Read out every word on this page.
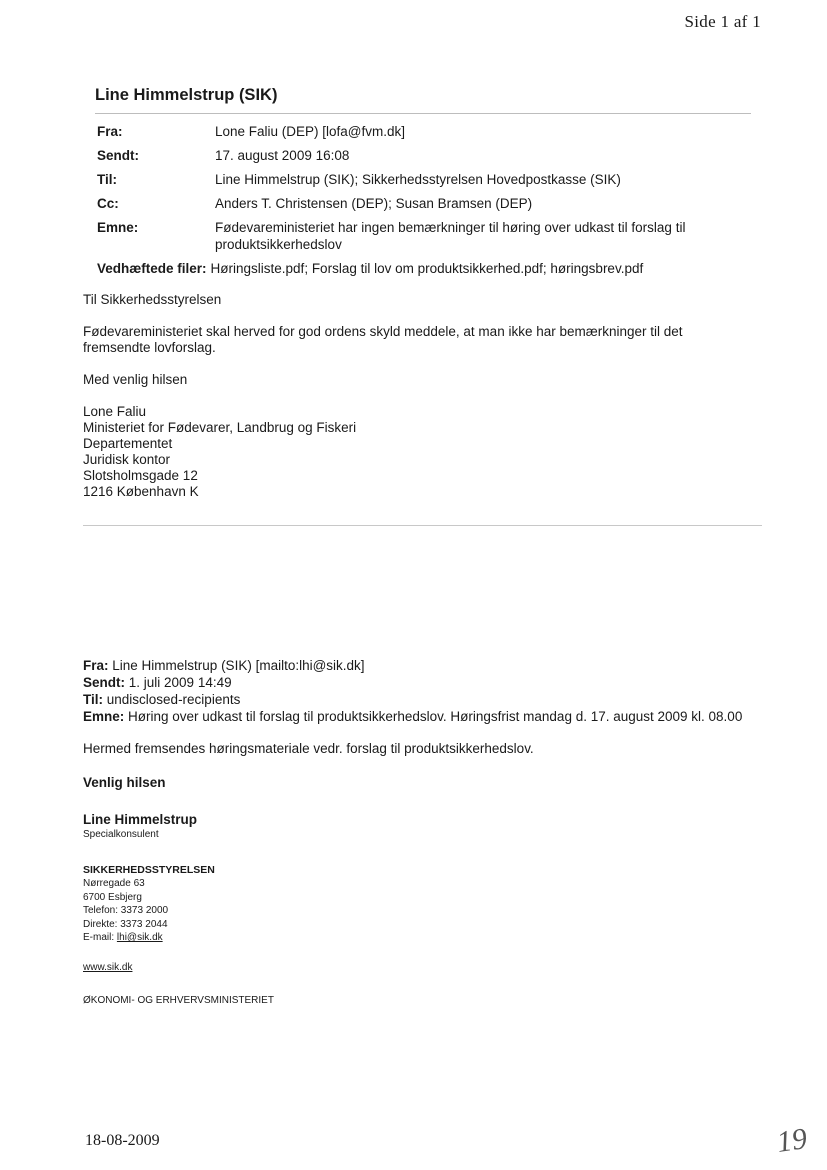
Side 1 af 1
Line Himmelstrup (SIK)
Fra:	Lone Faliu (DEP) [lofa@fvm.dk]
Sendt:	17. august 2009 16:08
Til:	Line Himmelstrup (SIK); Sikkerhedsstyrelsen Hovedpostkasse (SIK)
Cc:	Anders T. Christensen (DEP); Susan Bramsen (DEP)
Emne:	Fødevareministeriet har ingen bemærkninger til høring over udkast til forslag til produktsikkerhedslov
Vedhæftede filer: Høringsliste.pdf; Forslag til lov om produktsikkerhed.pdf; høringsbrev.pdf

Til Sikkerhedsstyrelsen

Fødevareministeriet skal herved for god ordens skyld meddele, at man ikke har bemærkninger til det fremsendte lovforslag.

Med venlig hilsen

Lone Faliu
Ministeriet for Fødevarer, Landbrug og Fiskeri
Departementet
Juridisk kontor
Slotsholmsgade 12
1216 København K
Fra: Line Himmelstrup (SIK) [mailto:lhi@sik.dk]
Sendt: 1. juli 2009 14:49
Til: undisclosed-recipients
Emne: Høring over udkast til forslag til produktsikkerhedslov. Høringsfrist mandag d. 17. august 2009 kl. 08.00

Hermed fremsendes høringsmateriale vedr. forslag til produktsikkerhedslov.

Venlig hilsen

Line Himmelstrup

Specialkonsulent

SIKKERHEDSSTYRELSEN

Nørregade 63

6700 Esbjerg

Telefon: 3373 2000

Direkte: 3373 2044

E-mail: lhi@sik.dk

www.sik.dk

ØKONOMI- OG ERHVERVSMINISTERIET

18-08-2009	19
